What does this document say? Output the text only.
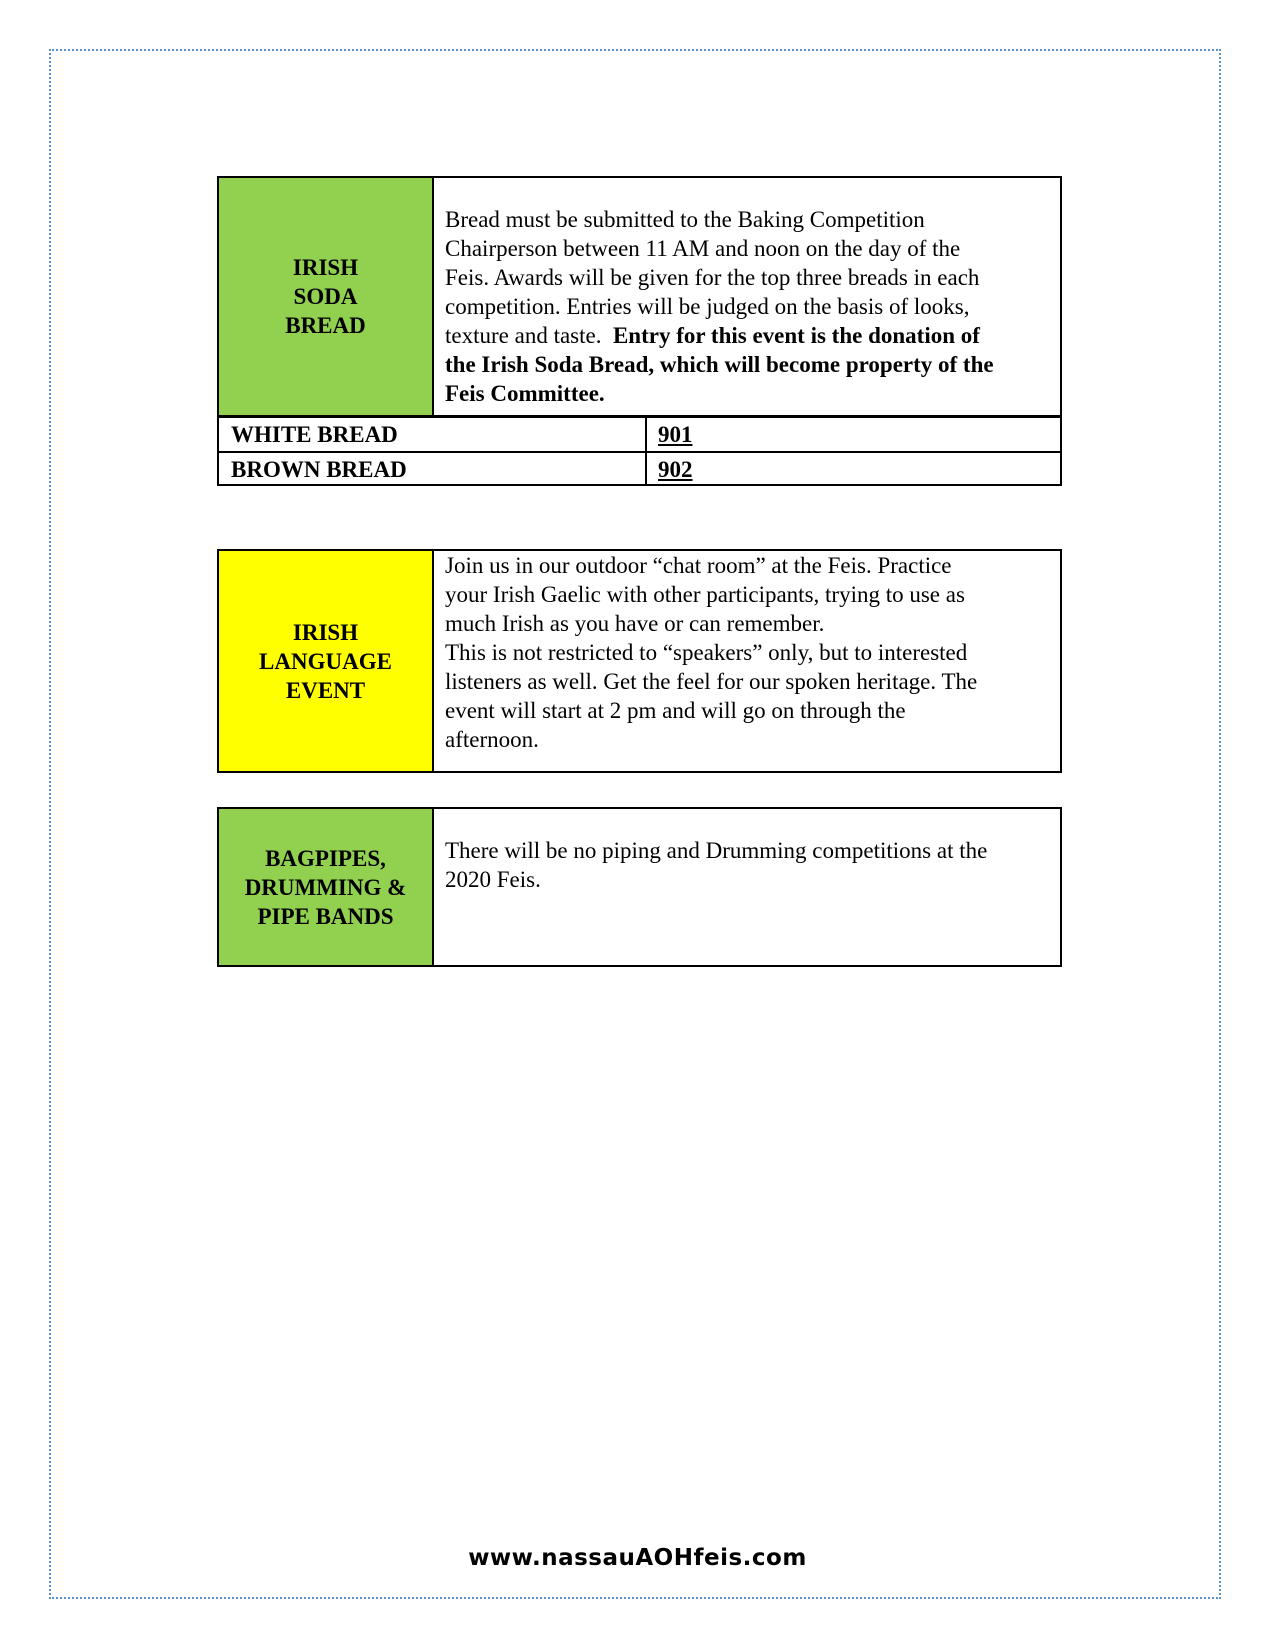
IRISH
SODA
BREAD

Bread must be submitted to the Baking Competition

Chairperson between 11 AM and noon on the day of the

Feis. Awards will be given for the top three breads in each

competition. Entries will be judged on the basis of looks,

texture and taste.  Entry for this event is the donation of

the Irish Soda Bread, which will become property of the

Feis Committee.

WHITE BREAD	901
BROWN BREAD	902
IRISH
LANGUAGE
EVENT

Join us in our outdoor “chat room” at the Feis. Practice

your Irish Gaelic with other participants, trying to use as

much Irish as you have or can remember.

This is not restricted to “speakers” only, but to interested

listeners as well. Get the feel for our spoken heritage. The

event will start at 2 pm and will go on through the

afternoon.

BAGPIPES,
DRUMMING &
PIPE BANDS

There will be no piping and Drumming competitions at the

2020 Feis.

www.nassauAOHfeis.com
